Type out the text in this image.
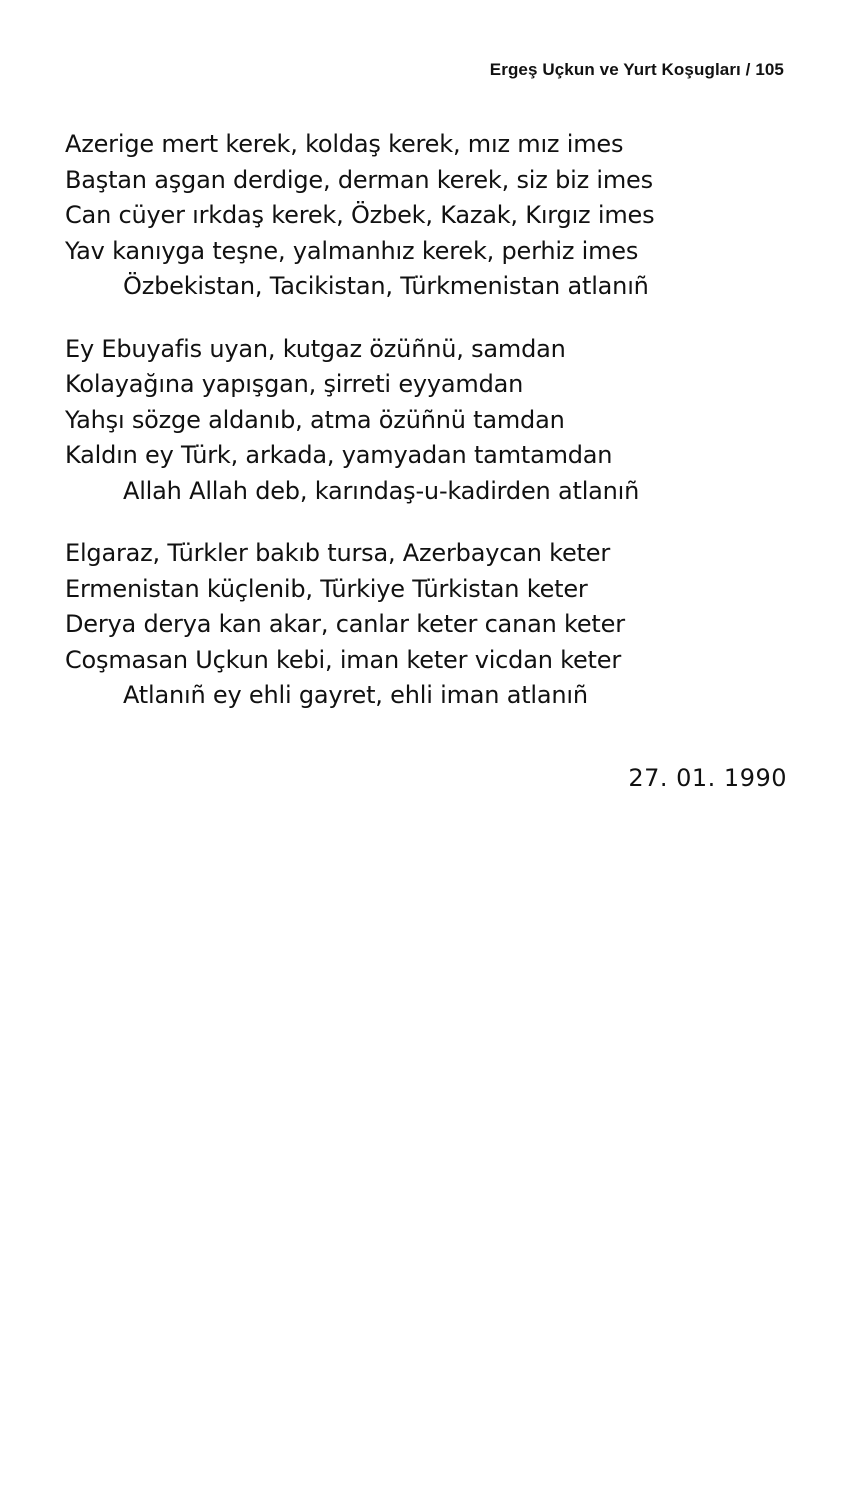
Ergeş Uçkun ve Yurt Koşugları / 105
Azerige mert kerek, koldaş kerek, mız mız imes
Baştan aşgan derdige, derman kerek, siz biz imes
Can cüyer ırkdaş kerek, Özbek, Kazak, Kırgız imes
Yav kanıyga teşne, yalmanhız kerek, perhiz imes
Özbekistan, Tacikistan, Türkmenistan atlanıñ
Ey Ebuyafis uyan, kutgaz özüñnü, samdan
Kolayağına yapışgan, şirreti eyyamdan
Yahşı sözge aldanıb, atma özüñnü tamdan
Kaldın ey Türk, arkada, yamyadan tamtamdan
Allah Allah deb, karındaş-u-kadirden atlanıñ
Elgaraz, Türkler bakıb tursa, Azerbaycan keter
Ermenistan küçlenib, Türkiye Türkistan keter
Derya derya kan akar, canlar keter canan keter
Coşmasan Uçkun kebi, iman keter vicdan keter
Atlanıñ ey ehli gayret, ehli iman atlanıñ
27. 01. 1990
